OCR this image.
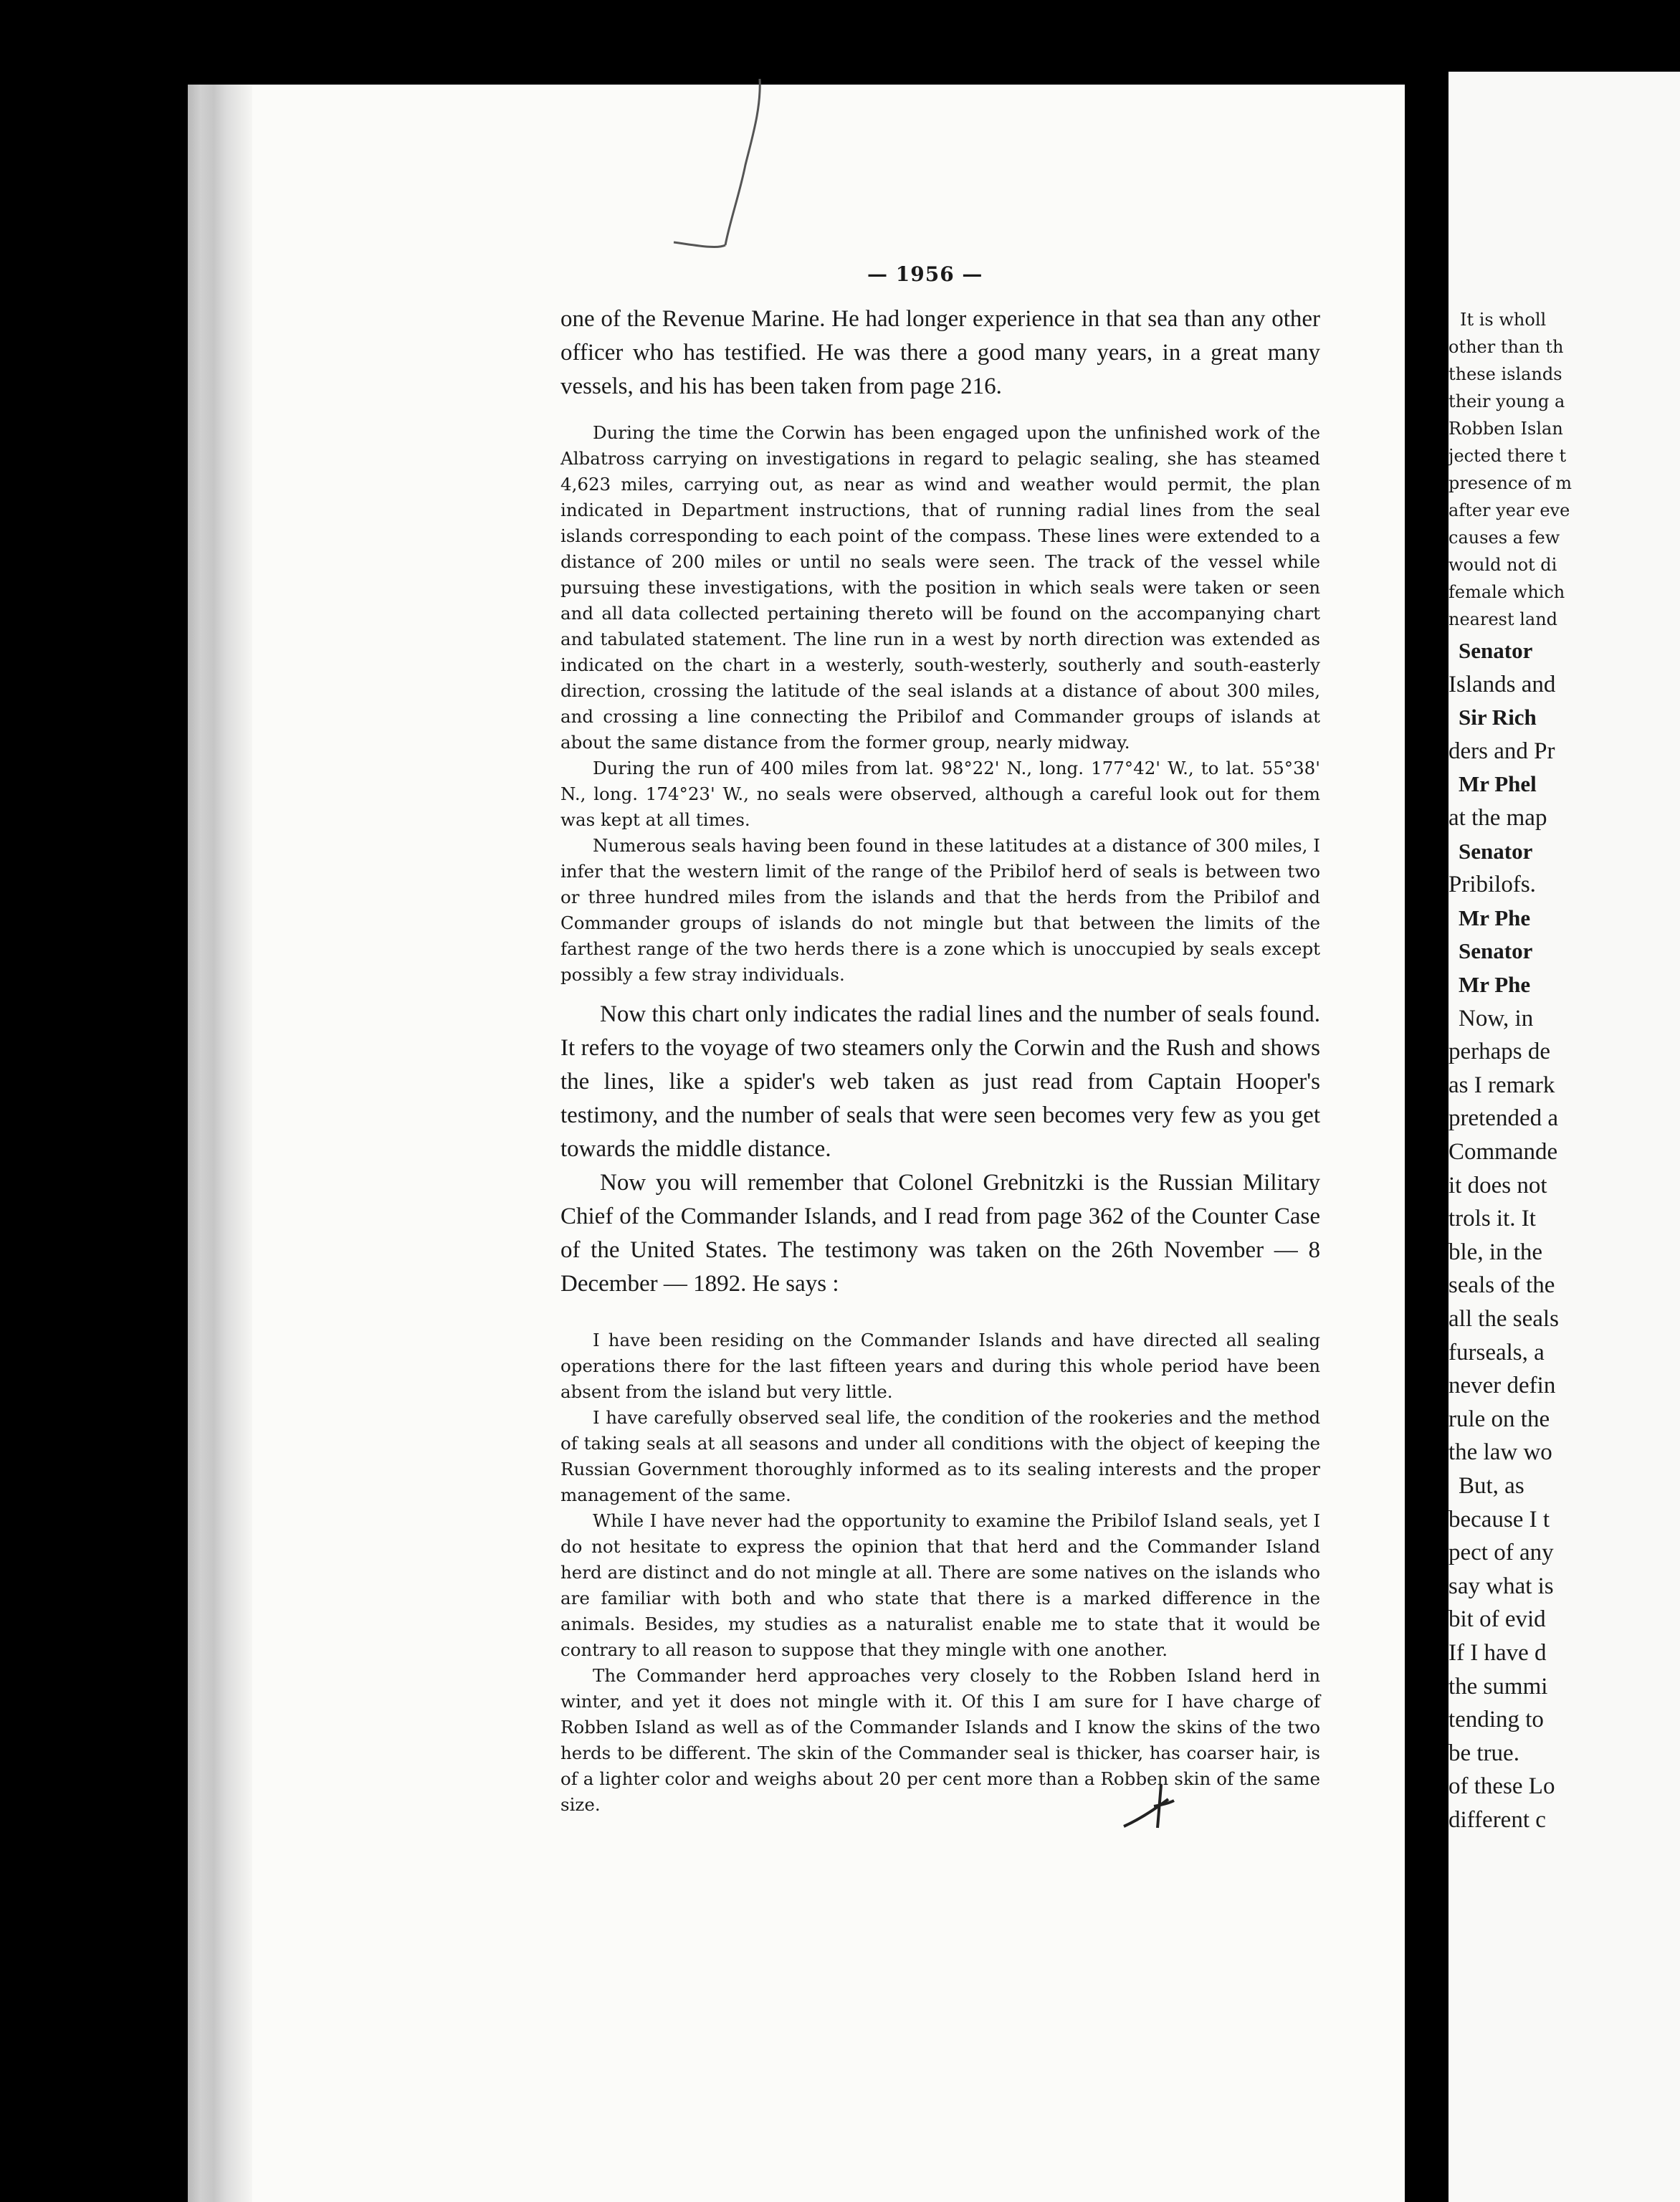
— 1956 —

one of the Revenue Marine. He had longer experience in that sea than any other officer who has testified. He was there a good many years, in a great many vessels, and his has been taken from page 216.

During the time the Corwin has been engaged upon the unfinished work of the Albatross carrying on investigations in regard to pelagic sealing, she has steamed 4,623 miles, carrying out, as near as wind and weather would permit, the plan indicated in Department instructions, that of running radial lines from the seal islands corresponding to each point of the compass. These lines were extended to a distance of 200 miles or until no seals were seen. The track of the vessel while pursuing these investigations, with the position in which seals were taken or seen and all data collected pertaining thereto will be found on the accompanying chart and tabulated statement. The line run in a west by north direction was extended as indicated on the chart in a westerly, south-westerly, southerly and south-easterly direction, crossing the latitude of the seal islands at a distance of about 300 miles, and crossing a line connecting the Pribilof and Commander groups of islands at about the same distance from the former group, nearly midway.

During the run of 400 miles from lat. 98°22' N., long. 177°42' W., to lat. 55°38' N., long. 174°23' W., no seals were observed, although a careful look out for them was kept at all times.

Numerous seals having been found in these latitudes at a distance of 300 miles, I infer that the western limit of the range of the Pribilof herd of seals is between two or three hundred miles from the islands and that the herds from the Pribilof and Commander groups of islands do not mingle but that between the limits of the farthest range of the two herds there is a zone which is unoccupied by seals except possibly a few stray individuals.

Now this chart only indicates the radial lines and the number of seals found. It refers to the voyage of two steamers only the Corwin and the Rush and shows the lines, like a spider's web taken as just read from Captain Hooper's testimony, and the number of seals that were seen becomes very few as you get towards the middle distance.

Now you will remember that Colonel Grebnitzki is the Russian Military Chief of the Commander Islands, and I read from page 362 of the Counter Case of the United States. The testimony was taken on the 26th November — 8 December — 1892. He says :

I have been residing on the Commander Islands and have directed all sealing operations there for the last fifteen years and during this whole period have been absent from the island but very little.

I have carefully observed seal life, the condition of the rookeries and the method of taking seals at all seasons and under all conditions with the object of keeping the Russian Government thoroughly informed as to its sealing interests and the proper management of the same.

While I have never had the opportunity to examine the Pribilof Island seals, yet I do not hesitate to express the opinion that that herd and the Commander Island herd are distinct and do not mingle at all. There are some natives on the islands who are familiar with both and who state that there is a marked difference in the animals. Besides, my studies as a naturalist enable me to state that it would be contrary to all reason to suppose that they mingle with one another.

The Commander herd approaches very closely to the Robben Island herd in winter, and yet it does not mingle with it. Of this I am sure for I have charge of Robben Island as well as of the Commander Islands and I know the skins of the two herds to be different. The skin of the Commander seal is thicker, has coarser hair, is of a lighter color and weighs about 20 per cent more than a Robben skin of the same size.

It is wholl
other than th
these islands
their young a
Robben Islan
jected there t
presence of m
after year eve
causes a few
would not di
female which
nearest land
Senator
Islands and
Sir Rich
ders and Pr
Mr Phel
at the map
Senator
Pribilofs.
Mr Phe
Senator
Mr Phe
Now, in
perhaps de
as I remark
pretended a
Commande
it does not
trols it. It
ble, in the
seals of the
all the seals
furseals, a
never defin
rule on the
the law wo
But, as
because I t
pect of any
say what is
bit of evid
If I have d
the summi
tending to
be true.
of these Lo
different c
